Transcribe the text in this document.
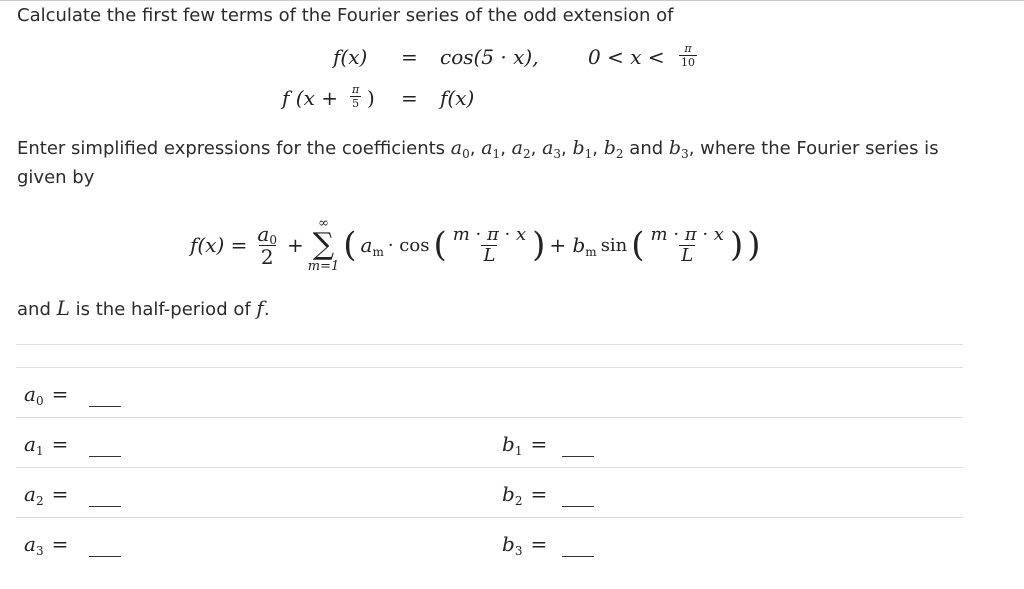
Calculate the first few terms of the Fourier series of the odd extension of
f(x) = cos(5 · x), $0 < x < \frac{\pi}{10}$
f ($x + \frac{\pi}{5}$ ) = f(x)
Enter simplified expressions for the coefficients $a_0$, $a_1$, $a_2$, $a_3$, $b_1$, $b_2$ and $b_3$, where the Fourier series is
given by
$f(x) = \frac{a0}{2}$ +
∞
∑
m=1
( $a_m \cdot \cos$ ( $\frac{m \cdot \pi \cdot x}{L}$ ) + $b_m$ sin ( $\frac{m \cdot \pi \cdot x}{L}$ ) )
and L is the half-period of f.
$a_0$ =
$a_1$ =	$b_1$ =
$a_2$ =	$b_2$ =
$a_3$ =	$b_3$ =
